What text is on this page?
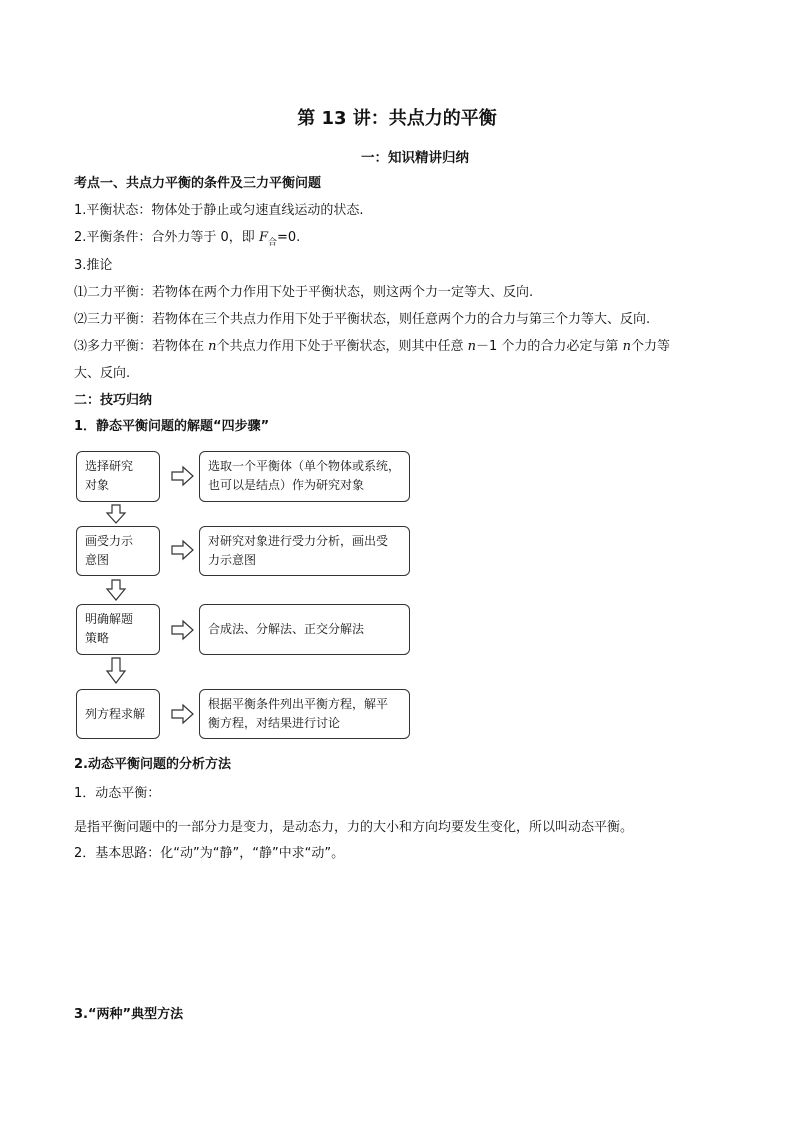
第 13 讲：共点力的平衡
一：知识精讲归纳
考点一、共点力平衡的条件及三力平衡问题
1.平衡状态：物体处于静止或匀速直线运动的状态.
2.平衡条件：合外力等于 0，即 $F_合=0$.
3.推论
⑴二力平衡：若物体在两个力作用下处于平衡状态，则这两个力一定等大、反向.
⑵三力平衡：若物体在三个共点力作用下处于平衡状态，则任意两个力的合力与第三个力等大、反向.
⑶多力平衡：若物体在 n个共点力作用下处于平衡状态，则其中任意 n－1 个力的合力必定与第 n个力等
大、反向.
二：技巧归纳
1．静态平衡问题的解题“四步骤”
选择研究
对象
选取一个平衡体（单个物体或系统，
也可以是结点）作为研究对象
画受力示
意图
对研究对象进行受力分析，画出受
力示意图
明确解题
策略
合成法、分解法、正交分解法
列方程求解
根据平衡条件列出平衡方程，解平
衡方程，对结果进行讨论
2.动态平衡问题的分析方法
1．动态平衡：
是指平衡问题中的一部分力是变力，是动态力，力的大小和方向均要发生变化，所以叫动态平衡。
2．基本思路：化“动”为“静”，“静”中求“动”。
3.“两种”典型方法
